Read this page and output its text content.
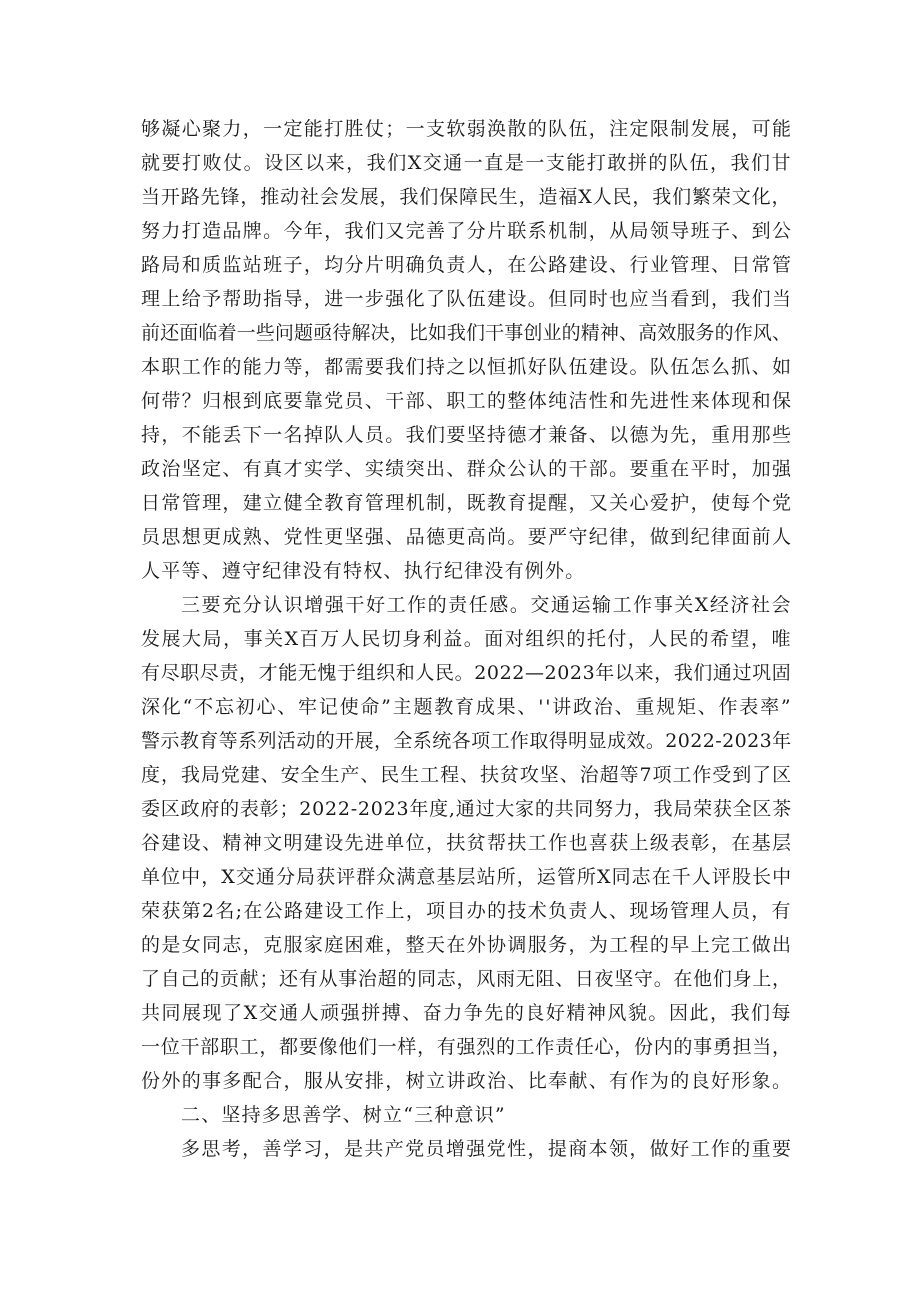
够凝心聚力，一定能打胜仗；一支软弱涣散的队伍，注定限制发展，可能
就要打败仗。设区以来，我们X交通一直是一支能打敢拼的队伍，我们甘
当开路先锋，推动社会发展，我们保障民生，造福X人民，我们繁荣文化，
努力打造品牌。今年，我们又完善了分片联系机制，从局领导班子、到公
路局和质监站班子，均分片明确负责人，在公路建设、行业管理、日常管
理上给予帮助指导，进一步强化了队伍建设。但同时也应当看到，我们当
前还面临着一些问题亟待解决，比如我们干事创业的精神、高效服务的作风、
本职工作的能力等，都需要我们持之以恒抓好队伍建设。队伍怎么抓、如
何带？归根到底要靠党员、干部、职工的整体纯洁性和先进性来体现和保
持，不能丢下一名掉队人员。我们要坚持德才兼备、以德为先，重用那些
政治坚定、有真才实学、实绩突出、群众公认的干部。要重在平时，加强
日常管理，建立健全教育管理机制，既教育提醒，又关心爱护，使每个党
员思想更成熟、党性更坚强、品德更高尚。要严守纪律，做到纪律面前人
人平等、遵守纪律没有特权、执行纪律没有例外。
三要充分认识增强干好工作的责任感。交通运输工作事关X经济社会
发展大局，事关X百万人民切身利益。面对组织的托付，人民的希望，唯
有尽职尽责，才能无愧于组织和人民。2022—2023年以来，我们通过巩固
深化“不忘初心、牢记使命”主题教育成果、''讲政治、重规矩、作表率”
警示教育等系列活动的开展，全系统各项工作取得明显成效。2022-2023年
度，我局党建、安全生产、民生工程、扶贫攻坚、治超等7项工作受到了区
委区政府的表彰；2022-2023年度,通过大家的共同努力，我局荣获全区茶
谷建设、精神文明建设先进单位，扶贫帮扶工作也喜获上级表彰，在基层
单位中，X交通分局获评群众满意基层站所，运管所X同志在千人评股长中
荣获第2名;在公路建设工作上，项目办的技术负责人、现场管理人员，有
的是女同志，克服家庭困难，整天在外协调服务，为工程的早上完工做出
了自己的贡献；还有从事治超的同志，风雨无阻、日夜坚守。在他们身上，
共同展现了X交通人顽强拼搏、奋力争先的良好精神风貌。因此，我们每
一位干部职工，都要像他们一样，有强烈的工作责任心，份内的事勇担当，
份外的事多配合，服从安排，树立讲政治、比奉献、有作为的良好形象。
二、坚持多思善学、树立“三种意识”
多思考，善学习，是共产党员增强党性，提商本领，做好工作的重要
